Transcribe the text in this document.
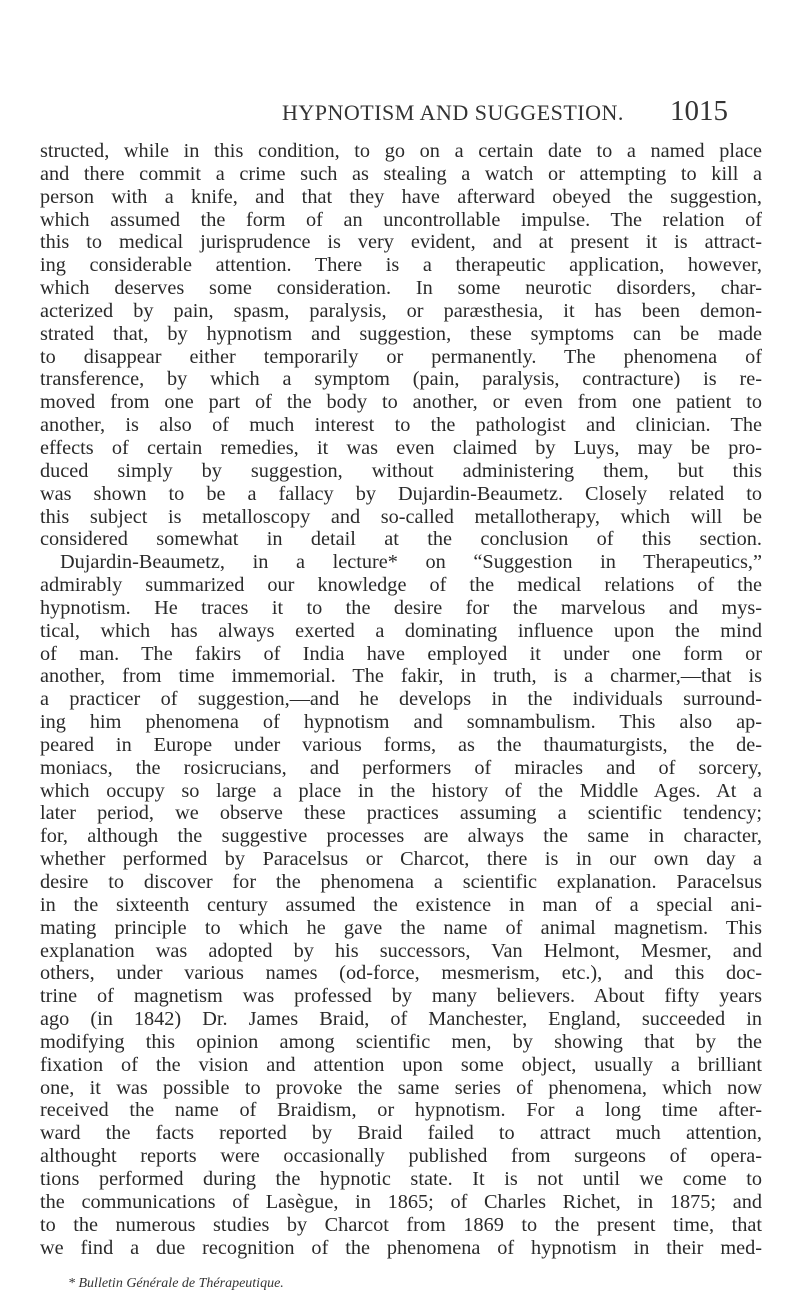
HYPNOTISM AND SUGGESTION. 1015
structed, while in this condition, to go on a certain date to a named place
and there commit a crime such as stealing a watch or attempting to kill a
person with a knife, and that they have afterward obeyed the suggestion,
which assumed the form of an uncontrollable impulse. The relation of
this to medical jurisprudence is very evident, and at present it is attract-
ing considerable attention. There is a therapeutic application, however,
which deserves some consideration. In some neurotic disorders, char-
acterized by pain, spasm, paralysis, or paræsthesia, it has been demon-
strated that, by hypnotism and suggestion, these symptoms can be made
to disappear either temporarily or permanently. The phenomena of
transference, by which a symptom (pain, paralysis, contracture) is re-
moved from one part of the body to another, or even from one patient to
another, is also of much interest to the pathologist and clinician. The
effects of certain remedies, it was even claimed by Luys, may be pro-
duced simply by suggestion, without administering them, but this
was shown to be a fallacy by Dujardin-Beaumetz. Closely related to
this subject is metalloscopy and so-called metallotherapy, which will be
considered somewhat in detail at the conclusion of this section.
Dujardin-Beaumetz, in a lecture* on “Suggestion in Therapeutics,”
admirably summarized our knowledge of the medical relations of the
hypnotism. He traces it to the desire for the marvelous and mys-
tical, which has always exerted a dominating influence upon the mind
of man. The fakirs of India have employed it under one form or
another, from time immemorial. The fakir, in truth, is a charmer,—that is
a practicer of suggestion,—and he develops in the individuals surround-
ing him phenomena of hypnotism and somnambulism. This also ap-
peared in Europe under various forms, as the thaumaturgists, the de-
moniacs, the rosicrucians, and performers of miracles and of sorcery,
which occupy so large a place in the history of the Middle Ages. At a
later period, we observe these practices assuming a scientific tendency;
for, although the suggestive processes are always the same in character,
whether performed by Paracelsus or Charcot, there is in our own day a
desire to discover for the phenomena a scientific explanation. Paracelsus
in the sixteenth century assumed the existence in man of a special ani-
mating principle to which he gave the name of animal magnetism. This
explanation was adopted by his successors, Van Helmont, Mesmer, and
others, under various names (od-force, mesmerism, etc.), and this doc-
trine of magnetism was professed by many believers. About fifty years
ago (in 1842) Dr. James Braid, of Manchester, England, succeeded in
modifying this opinion among scientific men, by showing that by the
fixation of the vision and attention upon some object, usually a brilliant
one, it was possible to provoke the same series of phenomena, which now
received the name of Braidism, or hypnotism. For a long time after-
ward the facts reported by Braid failed to attract much attention,
althought reports were occasionally published from surgeons of opera-
tions performed during the hypnotic state. It is not until we come to
the communications of Lasègue, in 1865; of Charles Richet, in 1875; and
to the numerous studies by Charcot from 1869 to the present time, that
we find a due recognition of the phenomena of hypnotism in their med-
* Bulletin Générale de Thérapeutique.
